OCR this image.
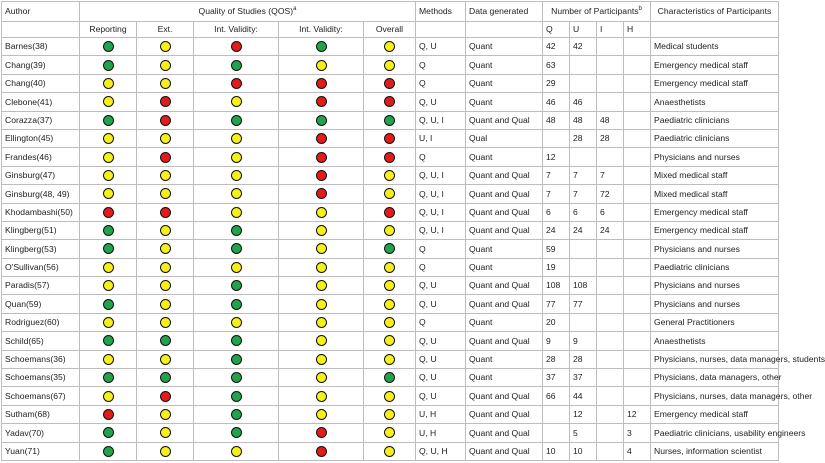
Author	Quality of Studies (QOS)$^a$					Methods	Data generated	Number of Participants$^b$				Characteristics of Participants
	Reporting	Ext.	Int. Validity:	Int. Validity:	Overall			Q	U	I	H	
Barnes(38)						Q, U	Quant	42	42			Medical students
Chang(39)						Q	Quant	63				Emergency medical staff
Chang(40)						Q	Quant	29				Emergency medical staff
Clebone(41)						Q, U	Quant	46	46			Anaesthetists
Corazza(37)						Q, U, I	Quant and Qual	48	48	48		Paediatric clinicians
Ellington(45)						U, I	Qual		28	28		Paediatric clinicians
Frandes(46)						Q	Quant	12				Physicians and nurses
Ginsburg(47)						Q, U, I	Quant and Qual	7	7	7		Mixed medical staff
Ginsburg(48, 49)						Q, U, I	Quant and Qual	7	7	72		Mixed medical staff
Khodambashi(50)						Q, U, I	Quant and Qual	6	6	6		Emergency medical staff
Klingberg(51)						Q, U, I	Quant and Qual	24	24	24		Emergency medical staff
Klingberg(53)						Q	Quant	59				Physicians and nurses
O'Sullivan(56)						Q	Quant	19				Paediatric clinicians
Paradis(57)						Q, U	Quant and Qual	108	108			Physicians and nurses
Quan(59)						Q, U	Quant and Qual	77	77			Physicians and nurses
Rodriguez(60)						Q	Quant	20				General Practitioners
Schild(65)						Q, U	Quant and Qual	9	9			Anaesthetists
Schoemans(36)						Q, U	Quant	28	28			Physicians, nurses, data managers, students
Schoemans(35)						Q, U	Quant	37	37			Physicians, data managers, other
Schoemans(67)						Q, U	Quant and Qual	66	44			Physicians, nurses, data managers, other
Sutham(68)						U, H	Quant and Qual		12		12	Emergency medical staff
Yadav(70)						U, H	Quant and Qual		5		3	Paediatric clinicians, usability engineers
Yuan(71)						Q, U, H	Quant and Qual	10	10		4	Nurses, information scientist
